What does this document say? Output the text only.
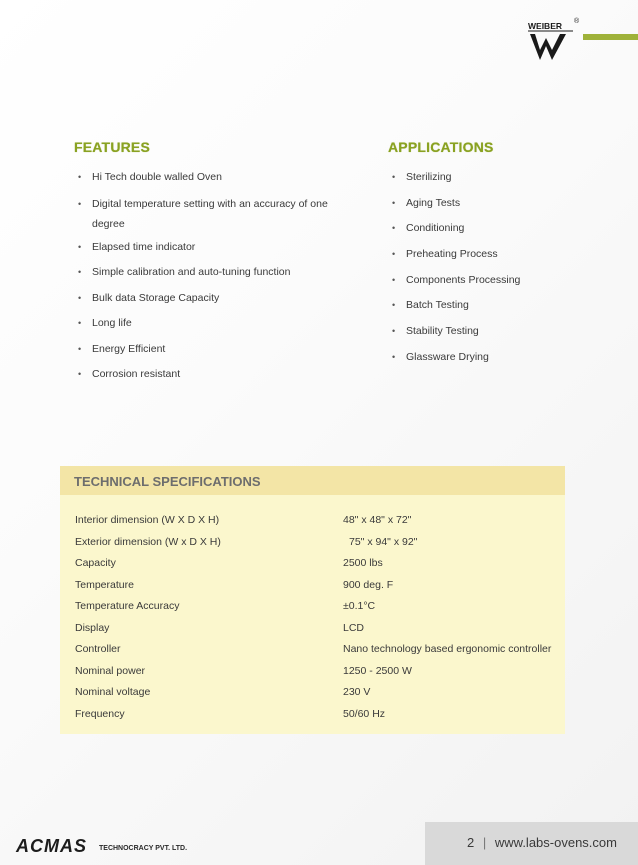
WEIBER ®
FEATURES
• Hi Tech double walled Oven
• Digital temperature setting with an accuracy of one degree
• Elapsed time indicator
• Simple calibration and auto-tuning function
• Bulk data Storage Capacity
• Long life
• Energy Efficient
• Corrosion resistant
APPLICATIONS
• Sterilizing
• Aging Tests
• Conditioning
• Preheating Process
• Components Processing
• Batch Testing
• Stability Testing
• Glassware Drying
TECHNICAL SPECIFICATIONS
Interior dimension (W X D X H)	48" x 48" x 72"
Exterior dimension (W x D X H)	75" x 94" x 92"
Capacity	2500 lbs
Temperature	900 deg. F
Temperature Accuracy	±0.1°C
Display	LCD
Controller	Nano technology based ergonomic controller
Nominal power	1250 - 2500 W
Nominal voltage	230 V
Frequency	50/60 Hz
ACMAS TECHNOCRACY PVT. LTD.	2 | www.labs-ovens.com
